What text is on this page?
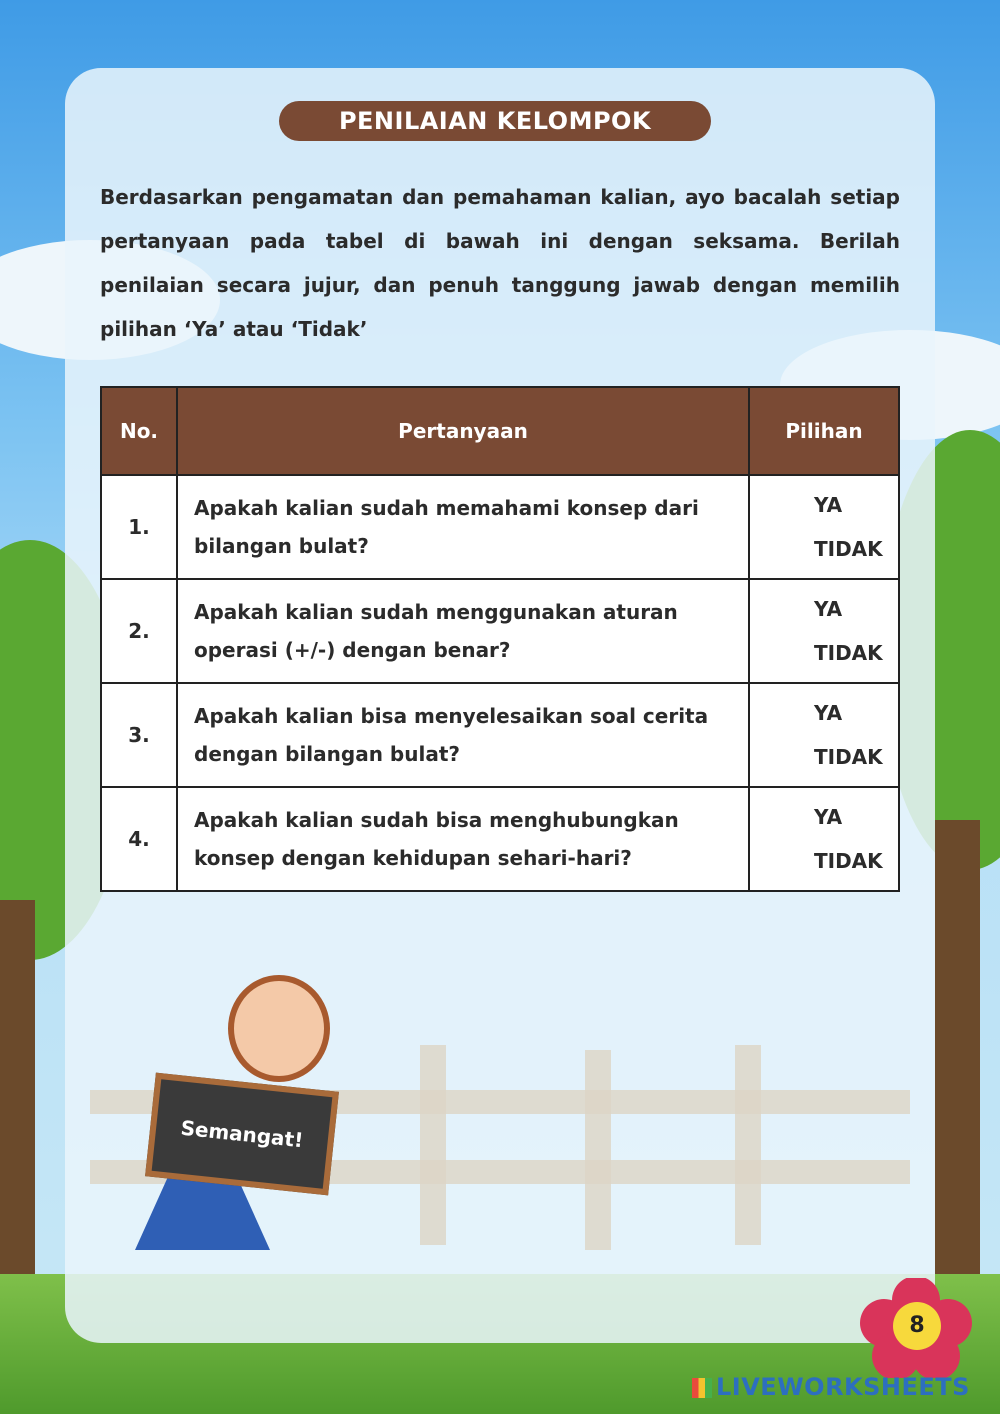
PENILAIAN KELOMPOK
Berdasarkan pengamatan dan pemahaman kalian, ayo bacalah setiap pertanyaan pada tabel di bawah ini dengan seksama. Berilah penilaian secara jujur, dan penuh tanggung jawab dengan memilih pilihan ‘Ya’ atau ‘Tidak’
No.	Pertanyaan	Pilihan
1.	Apakah kalian sudah memahami konsep dari bilangan bulat?	YA
TIDAK

2.	Apakah kalian sudah menggunakan aturan operasi (+/-) dengan benar?	YA
TIDAK

3.	Apakah kalian bisa menyelesaikan soal cerita dengan bilangan bulat?	YA
TIDAK

4.	Apakah kalian sudah bisa menghubungkan konsep dengan kehidupan sehari-hari?	YA
TIDAK
Semangat!
8
LIVEWORKSHEETS
